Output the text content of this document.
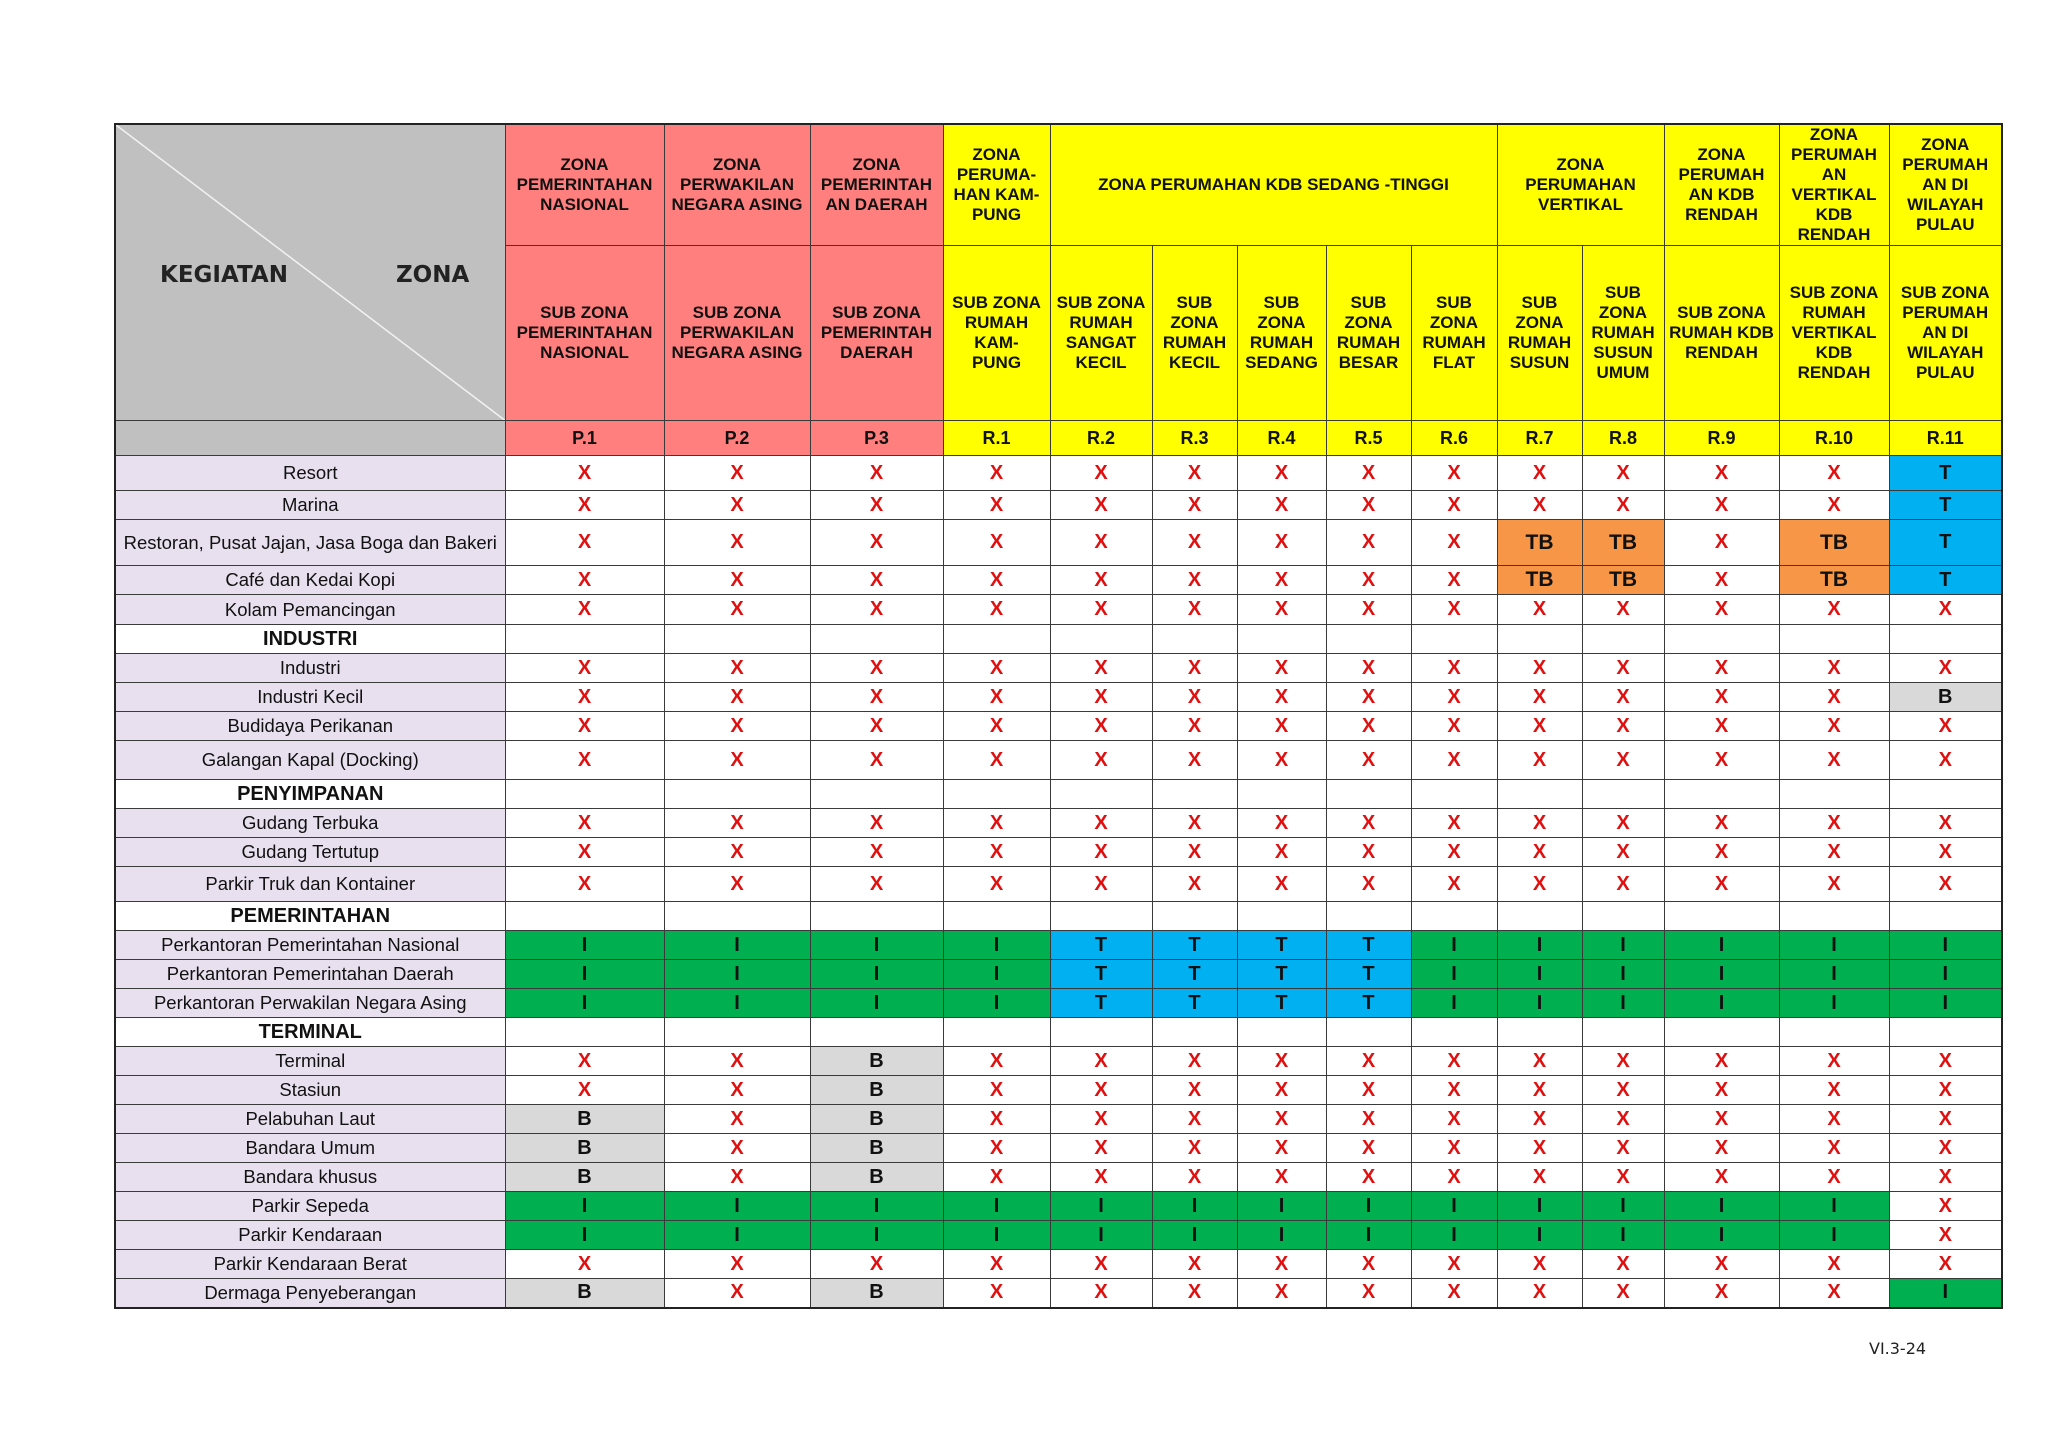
KEGIATAN ZONA	ZONA PEMERINTAHAN NASIONAL	ZONA PERWAKILAN NEGARA ASING	ZONA PEMERINTAH AN DAERAH	ZONA PERUMA- HAN KAM- PUNG	ZONA PERUMAHAN KDB SEDANG -TINGGI					ZONA PERUMAHAN VERTIKAL		ZONA PERUMAH AN KDB RENDAH	ZONA PERUMAH AN VERTIKAL KDB RENDAH	ZONA PERUMAH AN DI WILAYAH PULAU
	SUB ZONA PEMERINTAHAN NASIONAL	SUB ZONA PERWAKILAN NEGARA ASING	SUB ZONA PEMERINTAH DAERAH	SUB ZONA RUMAH KAM- PUNG	SUB ZONA RUMAH SANGAT KECIL	SUB ZONA RUMAH KECIL	SUB ZONA RUMAH SEDANG	SUB ZONA RUMAH BESAR	SUB ZONA RUMAH FLAT	SUB ZONA RUMAH SUSUN	SUB ZONA RUMAH SUSUN UMUM	SUB ZONA RUMAH KDB RENDAH	SUB ZONA RUMAH VERTIKAL KDB RENDAH	SUB ZONA PERUMAH AN DI WILAYAH PULAU
	P.1	P.2	P.3	R.1	R.2	R.3	R.4	R.5	R.6	R.7	R.8	R.9	R.10	R.11
Resort	X	X	X	X	X	X	X	X	X	X	X	X	X	T
Marina	X	X	X	X	X	X	X	X	X	X	X	X	X	T
Restoran, Pusat Jajan, Jasa Boga dan Bakeri	X	X	X	X	X	X	X	X	X	TB	TB	X	TB	T
Café dan Kedai Kopi	X	X	X	X	X	X	X	X	X	TB	TB	X	TB	T
Kolam Pemancingan	X	X	X	X	X	X	X	X	X	X	X	X	X	X
INDUSTRI														
Industri	X	X	X	X	X	X	X	X	X	X	X	X	X	X
Industri Kecil	X	X	X	X	X	X	X	X	X	X	X	X	X	B
Budidaya Perikanan	X	X	X	X	X	X	X	X	X	X	X	X	X	X
Galangan Kapal (Docking)	X	X	X	X	X	X	X	X	X	X	X	X	X	X
PENYIMPANAN														
Gudang Terbuka	X	X	X	X	X	X	X	X	X	X	X	X	X	X
Gudang Tertutup	X	X	X	X	X	X	X	X	X	X	X	X	X	X
Parkir Truk dan Kontainer	X	X	X	X	X	X	X	X	X	X	X	X	X	X
PEMERINTAHAN														
Perkantoran Pemerintahan Nasional	I	I	I	I	T	T	T	T	I	I	I	I	I	I
Perkantoran Pemerintahan Daerah	I	I	I	I	T	T	T	T	I	I	I	I	I	I
Perkantoran Perwakilan Negara Asing	I	I	I	I	T	T	T	T	I	I	I	I	I	I
TERMINAL														
Terminal	X	X	B	X	X	X	X	X	X	X	X	X	X	X
Stasiun	X	X	B	X	X	X	X	X	X	X	X	X	X	X
Pelabuhan Laut	B	X	B	X	X	X	X	X	X	X	X	X	X	X
Bandara Umum	B	X	B	X	X	X	X	X	X	X	X	X	X	X
Bandara khusus	B	X	B	X	X	X	X	X	X	X	X	X	X	X
Parkir Sepeda	I	I	I	I	I	I	I	I	I	I	I	I	I	X
Parkir Kendaraan	I	I	I	I	I	I	I	I	I	I	I	I	I	X
Parkir Kendaraan Berat	X	X	X	X	X	X	X	X	X	X	X	X	X	X
Dermaga Penyeberangan	B	X	B	X	X	X	X	X	X	X	X	X	X	I
VI.3-24
